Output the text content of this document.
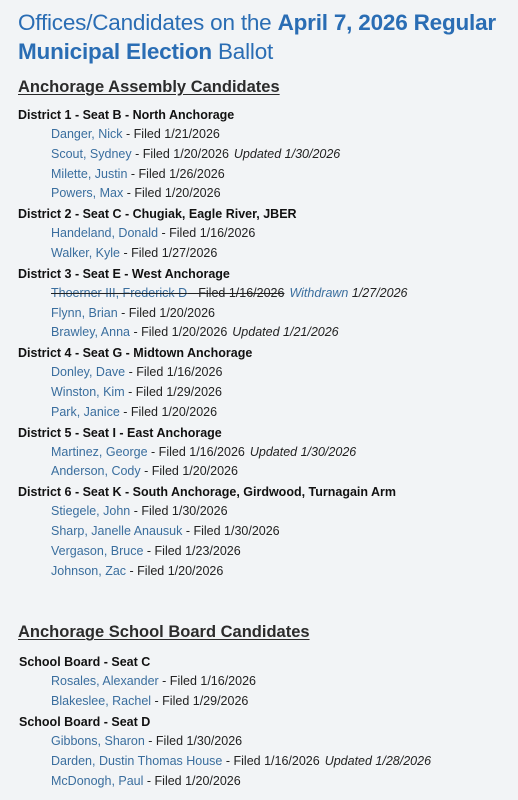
Offices/Candidates on the April 7, 2026 Regular
Municipal Election Ballot
Anchorage Assembly Candidates
District 1 - Seat B - North Anchorage
Danger, Nick - Filed 1/21/2026
Scout, Sydney - Filed 1/20/2026 Updated 1/30/2026
Milette, Justin - Filed 1/26/2026
Powers, Max - Filed 1/20/2026
District 2 - Seat C - Chugiak, Eagle River, JBER
Handeland, Donald - Filed 1/16/2026
Walker, Kyle - Filed 1/27/2026
District 3 - Seat E - West Anchorage
Thoerner III, Frederick D - Filed 1/16/2026 Withdrawn 1/27/2026
Flynn, Brian - Filed 1/20/2026
Brawley, Anna - Filed 1/20/2026 Updated 1/21/2026
District 4 - Seat G - Midtown Anchorage
Donley, Dave - Filed 1/16/2026
Winston, Kim - Filed 1/29/2026
Park, Janice - Filed 1/20/2026
District 5 - Seat I - East Anchorage
Martinez, George - Filed 1/16/2026 Updated 1/30/2026
Anderson, Cody - Filed 1/20/2026
District 6 - Seat K - South Anchorage, Girdwood, Turnagain Arm
Stiegele, John - Filed 1/30/2026
Sharp, Janelle Anausuk - Filed 1/30/2026
Vergason, Bruce - Filed 1/23/2026
Johnson, Zac - Filed 1/20/2026
Anchorage School Board Candidates
School Board - Seat C
Rosales, Alexander - Filed 1/16/2026
Blakeslee, Rachel - Filed 1/29/2026
School Board - Seat D
Gibbons, Sharon - Filed 1/30/2026
Darden, Dustin Thomas House - Filed 1/16/2026 Updated 1/28/2026
McDonogh, Paul - Filed 1/20/2026
